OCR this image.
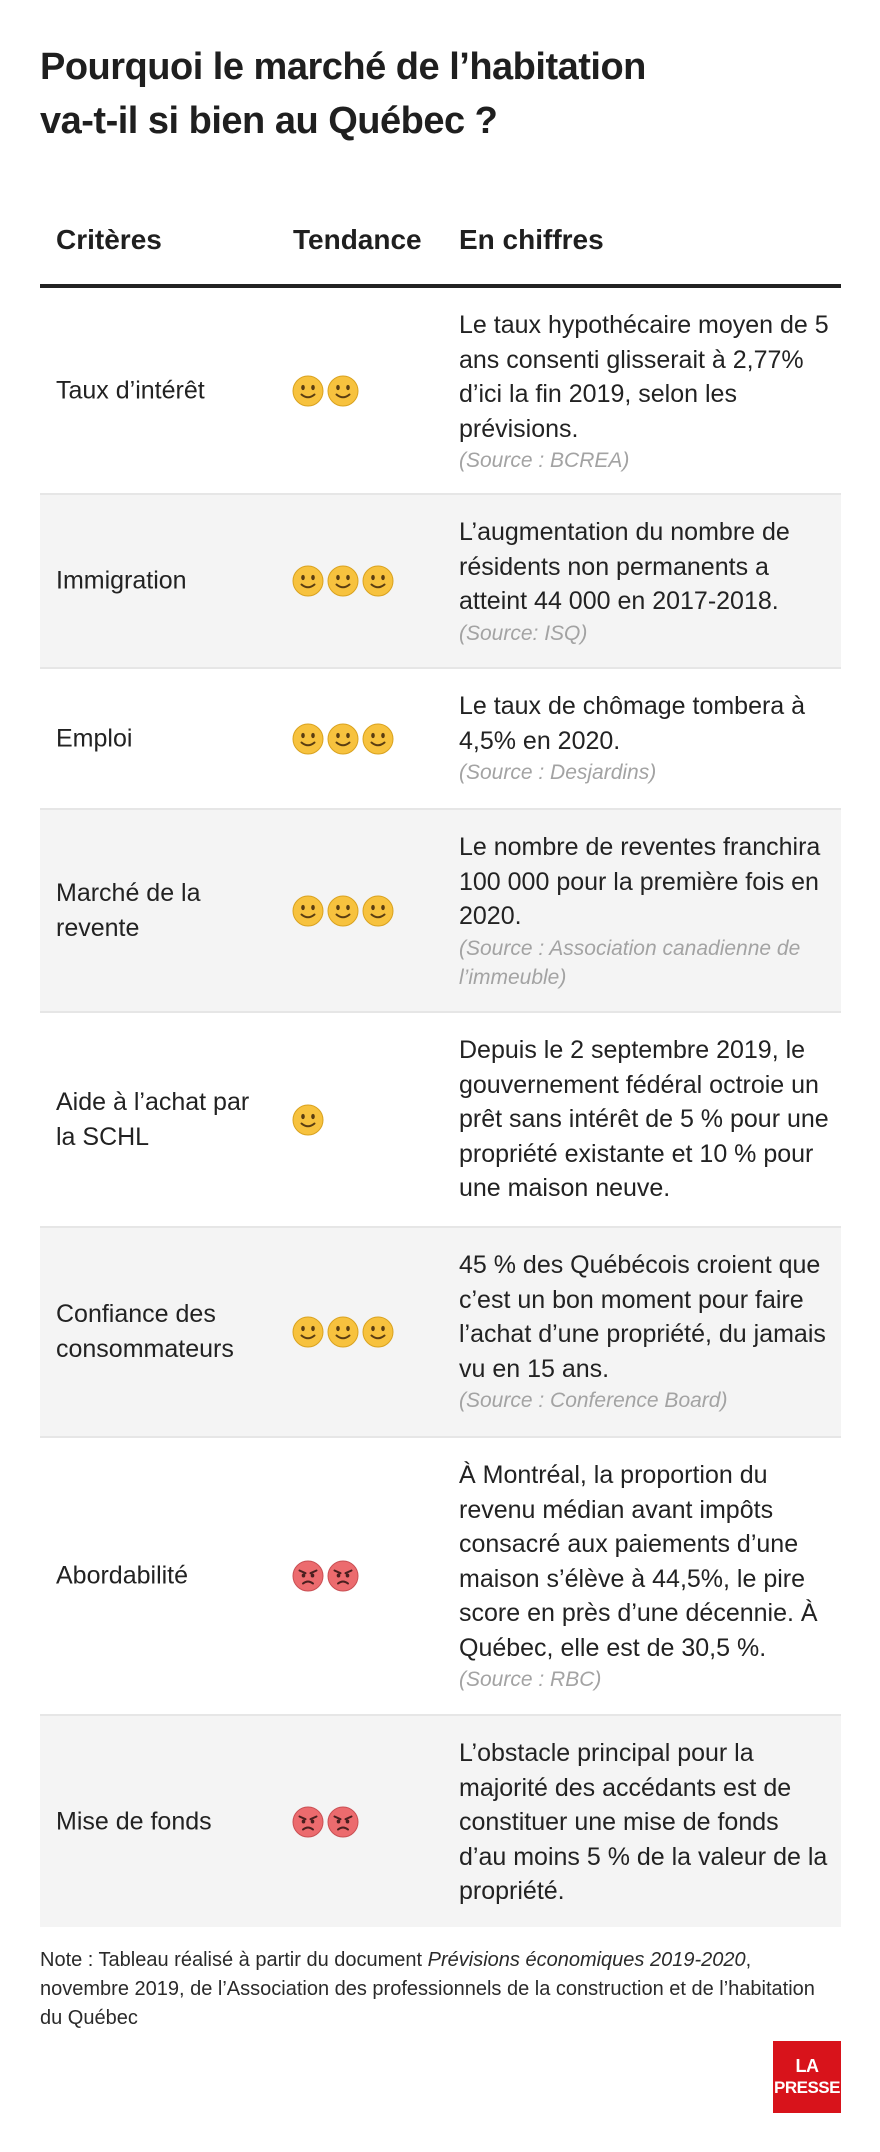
Pourquoi le marché de l’habitation
va-t-il si bien au Québec ?
Critères	Tendance En chiffres
Taux d’intérêt
Le taux hypothécaire moyen de 5 ans consenti glisserait à 2,77% d’ici la fin 2019, selon les prévisions.
(Source : BCREA)
Immigration
L’augmentation du nombre de résidents non permanents a atteint 44 000 en 2017-2018.
(Source: ISQ)
Emploi
Le taux de chômage tombera à 4,5% en 2020.
(Source : Desjardins)
Marché de la revente
Le nombre de reventes franchira 100 000 pour la première fois en 2020.
(Source : Association canadienne de l’immeuble)
Aide à l’achat par la SCHL
Depuis le 2 septembre 2019, le gouvernement fédéral octroie un prêt sans intérêt de 5 % pour une propriété existante et 10 % pour une maison neuve.
Confiance des consommateurs
45 % des Québécois croient que c’est un bon moment pour faire l’achat d’une propriété, du jamais vu en 15 ans.
(Source : Conference Board)
Abordabilité
À Montréal, la proportion du revenu médian avant impôts consacré aux paiements d’une maison s’élève à 44,5%, le pire score en près d’une décennie. À Québec, elle est de 30,5 %.
(Source : RBC)
Mise de fonds
L’obstacle principal pour la majorité des accédants est de constituer une mise de fonds d’au moins 5 % de la valeur de la propriété.
Note : Tableau réalisé à partir du document Prévisions économiques 2019-2020, novembre 2019, de l’Association des professionnels de la construction et de l’habitation du Québec
LA
PRESSE
